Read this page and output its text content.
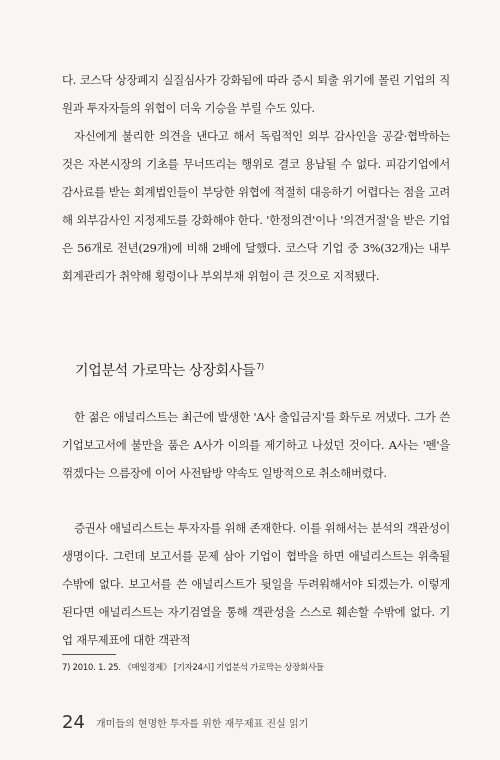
다. 코스닥 상장폐지 실질심사가 강화됨에 따라 증시 퇴출 위기에 몰린 기업의 직원과 투자자들의 위협이 더욱 기승을 부릴 수도 있다.

자신에게 불리한 의견을 낸다고 해서 독립적인 외부 감사인을 공갈·협박하는 것은 자본시장의 기초를 무너뜨리는 행위로 결코 용납될 수 없다. 피감기업에서 감사료를 받는 회계법인들이 부당한 위협에 적절히 대응하기 어렵다는 점을 고려해 외부감사인 지정제도를 강화해야 한다. '한정의견'이나 '의견거절'을 받은 기업은 56개로 전년(29개)에 비해 2배에 달했다. 코스닥 기업 중 3%(32개)는 내부 회계관리가 취약해 횡령이나 부외부채 위험이 큰 것으로 지적됐다.

기업분석 가로막는 상장회사들$^{7)}$

한 젊은 애널리스트는 최근에 발생한 'A사 출입금지'를 화두로 꺼냈다. 그가 쓴 기업보고서에 불만을 품은 A사가 이의를 제기하고 나섰던 것이다. A사는 '펜'을 꺾겠다는 으름장에 이어 사전탐방 약속도 일방적으로 취소해버렸다.

증권사 애널리스트는 투자자를 위해 존재한다. 이를 위해서는 분석의 객관성이 생명이다. 그런데 보고서를 문제 삼아 기업이 협박을 하면 애널리스트는 위축될 수밖에 없다. 보고서를 쓴 애널리스트가 뒷일을 두려워해서야 되겠는가. 이렇게 된다면 애널리스트는 자기검열을 통해 객관성을 스스로 훼손할 수밖에 없다. 기업 재무제표에 대한 객관적

7) 2010. 1. 25. 《매일경제》 [기자24시] 기업분석 가로막는 상장회사들

24 개미들의 현명한 투자를 위한 재무제표 진실 읽기
